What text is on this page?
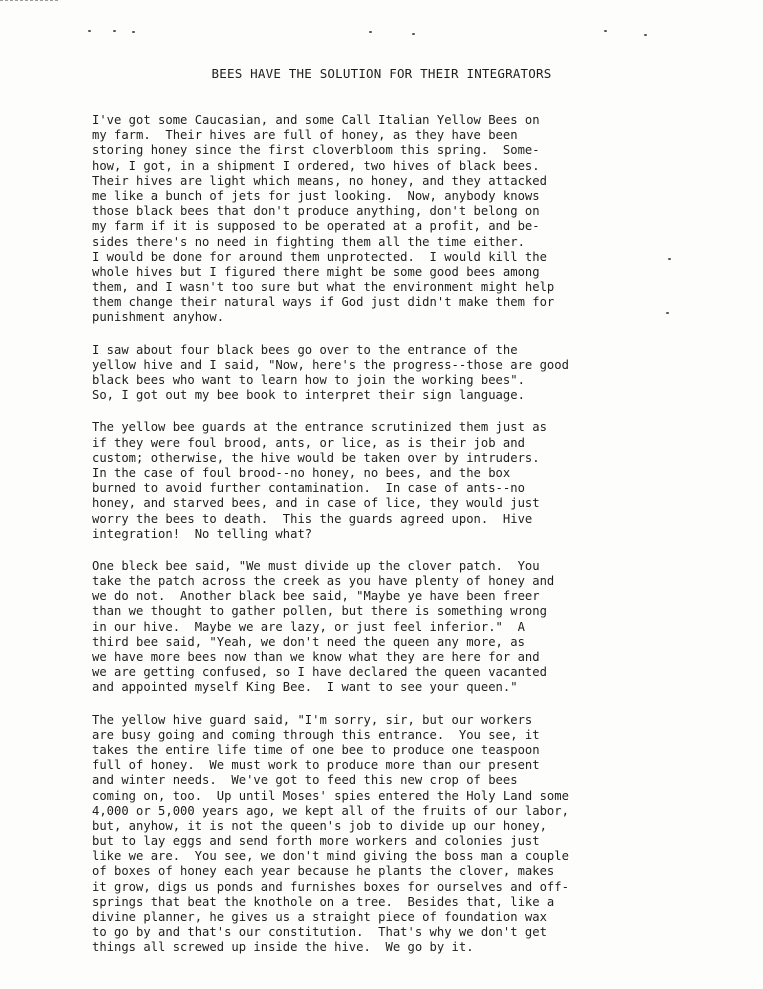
BEES HAVE THE SOLUTION FOR THEIR INTEGRATORS
I've got some Caucasian, and some Call Italian Yellow Bees on
my farm.  Their hives are full of honey, as they have been
storing honey since the first cloverbloom this spring.  Some-
how, I got, in a shipment I ordered, two hives of black bees.
Their hives are light which means, no honey, and they attacked
me like a bunch of jets for just looking.  Now, anybody knows
those black bees that don't produce anything, don't belong on
my farm if it is supposed to be operated at a profit, and be-
sides there's no need in fighting them all the time either.
I would be done for around them unprotected.  I would kill the
whole hives but I figured there might be some good bees among
them, and I wasn't too sure but what the environment might help
them change their natural ways if God just didn't make them for
punishment anyhow.
I saw about four black bees go over to the entrance of the
yellow hive and I said, "Now, here's the progress--those are good
black bees who want to learn how to join the working bees".
So, I got out my bee book to interpret their sign language.
The yellow bee guards at the entrance scrutinized them just as
if they were foul brood, ants, or lice, as is their job and
custom; otherwise, the hive would be taken over by intruders.
In the case of foul brood--no honey, no bees, and the box
burned to avoid further contamination.  In case of ants--no
honey, and starved bees, and in case of lice, they would just
worry the bees to death.  This the guards agreed upon.  Hive
integration!  No telling what?
One bleck bee said, "We must divide up the clover patch.  You
take the patch across the creek as you have plenty of honey and
we do not.  Another black bee said, "Maybe ye have been freer
than we thought to gather pollen, but there is something wrong
in our hive.  Maybe we are lazy, or just feel inferior."  A
third bee said, "Yeah, we don't need the queen any more, as
we have more bees now than we know what they are here for and
we are getting confused, so I have declared the queen vacanted
and appointed myself King Bee.  I want to see your queen."
The yellow hive guard said, "I'm sorry, sir, but our workers
are busy going and coming through this entrance.  You see, it
takes the entire life time of one bee to produce one teaspoon
full of honey.  We must work to produce more than our present
and winter needs.  We've got to feed this new crop of bees
coming on, too.  Up until Moses' spies entered the Holy Land some
4,000 or 5,000 years ago, we kept all of the fruits of our labor,
but, anyhow, it is not the queen's job to divide up our honey,
but to lay eggs and send forth more workers and colonies just
like we are.  You see, we don't mind giving the boss man a couple
of boxes of honey each year because he plants the clover, makes
it grow, digs us ponds and furnishes boxes for ourselves and off-
springs that beat the knothole on a tree.  Besides that, like a
divine planner, he gives us a straight piece of foundation wax
to go by and that's our constitution.  That's why we don't get
things all screwed up inside the hive.  We go by it.
